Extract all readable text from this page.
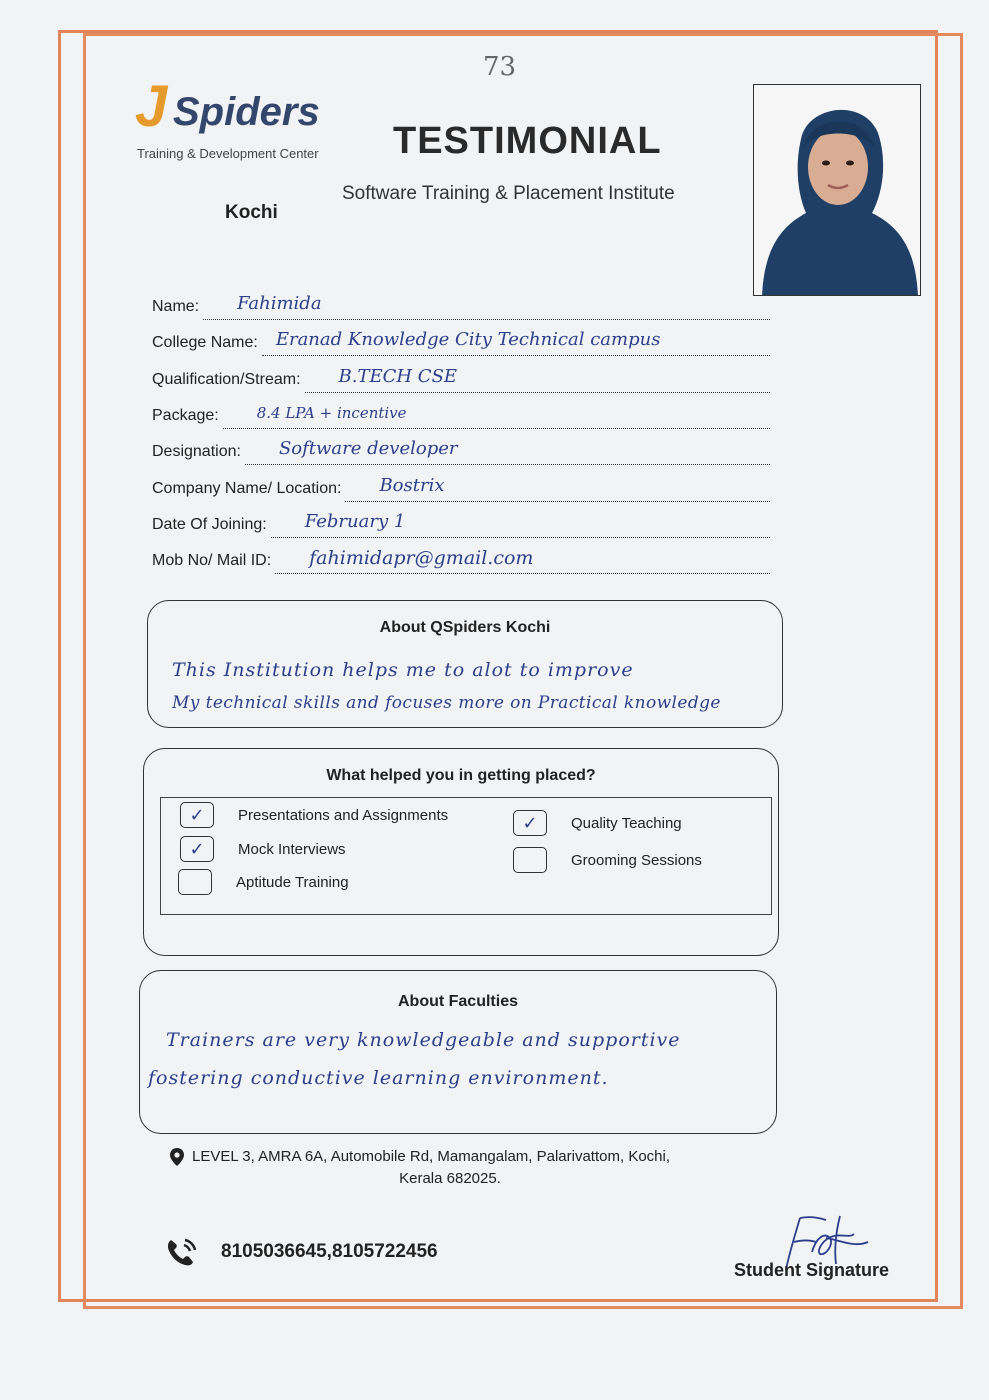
73
J Spiders
Training & Development Center
Kochi
TESTIMONIAL
Software Training & Placement Institute
Name:	Fahimida
College Name:	Eranad Knowledge City Technical campus
Qualification/Stream:	B.TECH CSE
Package:	8.4 LPA + incentive
Designation:	Software developer
Company Name/ Location:	Bostrix
Date Of Joining:	February 1
Mob No/ Mail ID:	fahimidapr@gmail.com
About QSpiders Kochi
This Institution helps me to alot to improve
My technical skills and focuses more on Practical knowledge
What helped you in getting placed?
✓	Presentations and Assignments
✓	Mock Interviews
Aptitude Training
✓	Quality Teaching
Grooming Sessions
About Faculties
Trainers are very knowledgeable and supportive
fostering conductive learning environment.
LEVEL 3, AMRA 6A, Automobile Rd, Mamangalam, Palarivattom, Kochi,
Kerala 682025.
8105036645,8105722456
Student Signature
